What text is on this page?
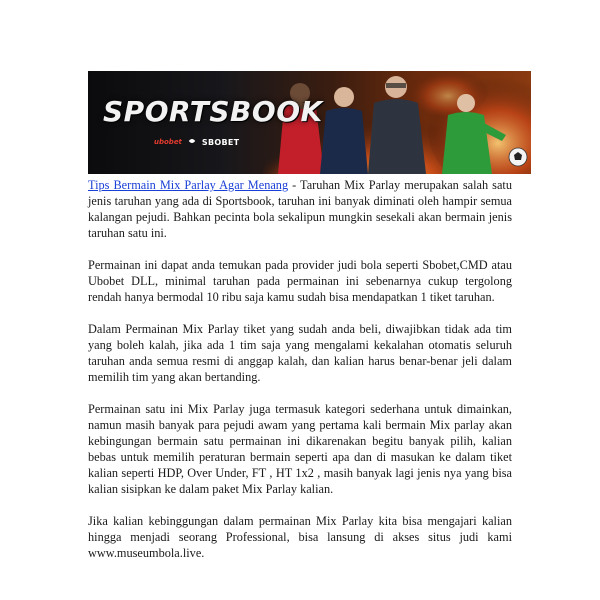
SPORTSBOOK
ubobet	SBOBET

Tips Bermain Mix Parlay Agar Menang - Taruhan Mix Parlay merupakan salah satu jenis taruhan yang ada di Sportsbook, taruhan ini banyak diminati oleh hampir semua kalangan pejudi. Bahkan pecinta bola sekalipun mungkin sesekali akan bermain jenis taruhan satu ini.

Permainan ini dapat anda temukan pada provider judi bola seperti Sbobet,CMD atau Ubobet DLL, minimal taruhan pada permainan ini sebenarnya cukup tergolong rendah hanya bermodal 10 ribu saja kamu sudah bisa mendapatkan 1 tiket taruhan.

Dalam Permainan Mix Parlay tiket yang sudah anda beli, diwajibkan tidak ada tim yang boleh kalah, jika ada 1 tim saja yang mengalami kekalahan otomatis seluruh taruhan anda semua resmi di anggap kalah, dan kalian harus benar-benar jeli dalam memilih tim yang akan bertanding.

Permainan satu ini Mix Parlay juga termasuk kategori sederhana untuk dimainkan, namun masih banyak para pejudi awam yang pertama kali bermain Mix parlay akan kebingungan bermain satu permainan ini dikarenakan begitu banyak pilih, kalian bebas untuk memilih peraturan bermain seperti apa dan di masukan ke dalam tiket kalian seperti HDP, Over Under, FT , HT 1x2 , masih banyak lagi jenis nya yang bisa kalian sisipkan ke dalam paket Mix Parlay kalian.

Jika kalian kebinggungan dalam permainan Mix Parlay kita bisa mengajari kalian hingga menjadi seorang Professional, bisa lansung di akses situs judi kami www.museumbola.live.
